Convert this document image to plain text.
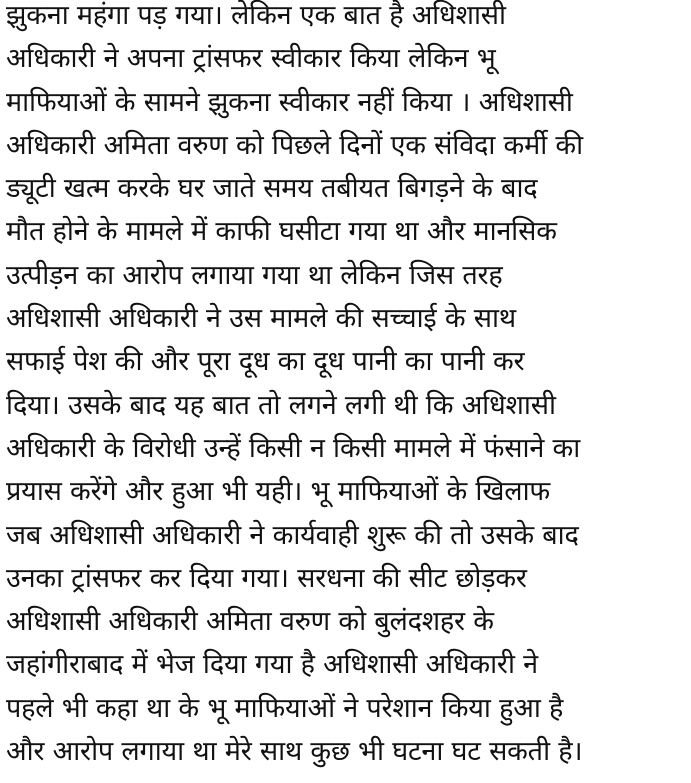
झुकना महंगा पड़ गया। लेकिन एक बात है अधिशासी
अधिकारी ने अपना ट्रांसफर स्वीकार किया लेकिन भू
माफियाओं के सामने झुकना स्वीकार नहीं किया । अधिशासी
अधिकारी अमिता वरुण को पिछले दिनों एक संविदा कर्मी की
ड्यूटी खत्म करके घर जाते समय तबीयत बिगड़ने के बाद
मौत होने के मामले में काफी घसीटा गया था और मानसिक
उत्पीड़न का आरोप लगाया गया था लेकिन जिस तरह
अधिशासी अधिकारी ने उस मामले की सच्चाई के साथ
सफाई पेश की और पूरा दूध का दूध पानी का पानी कर
दिया। उसके बाद यह बात तो लगने लगी थी कि अधिशासी
अधिकारी के विरोधी उन्हें किसी न किसी मामले में फंसाने का
प्रयास करेंगे और हुआ भी यही। भू माफियाओं के खिलाफ
जब अधिशासी अधिकारी ने कार्यवाही शुरू की तो उसके बाद
उनका ट्रांसफर कर दिया गया। सरधना की सीट छोड़कर
अधिशासी अधिकारी अमिता वरुण को बुलंदशहर के
जहांगीराबाद में भेज दिया गया है अधिशासी अधिकारी ने
पहले भी कहा था के भू माफियाओं ने परेशान किया हुआ है
और आरोप लगाया था मेरे साथ कुछ भी घटना घट सकती है।
